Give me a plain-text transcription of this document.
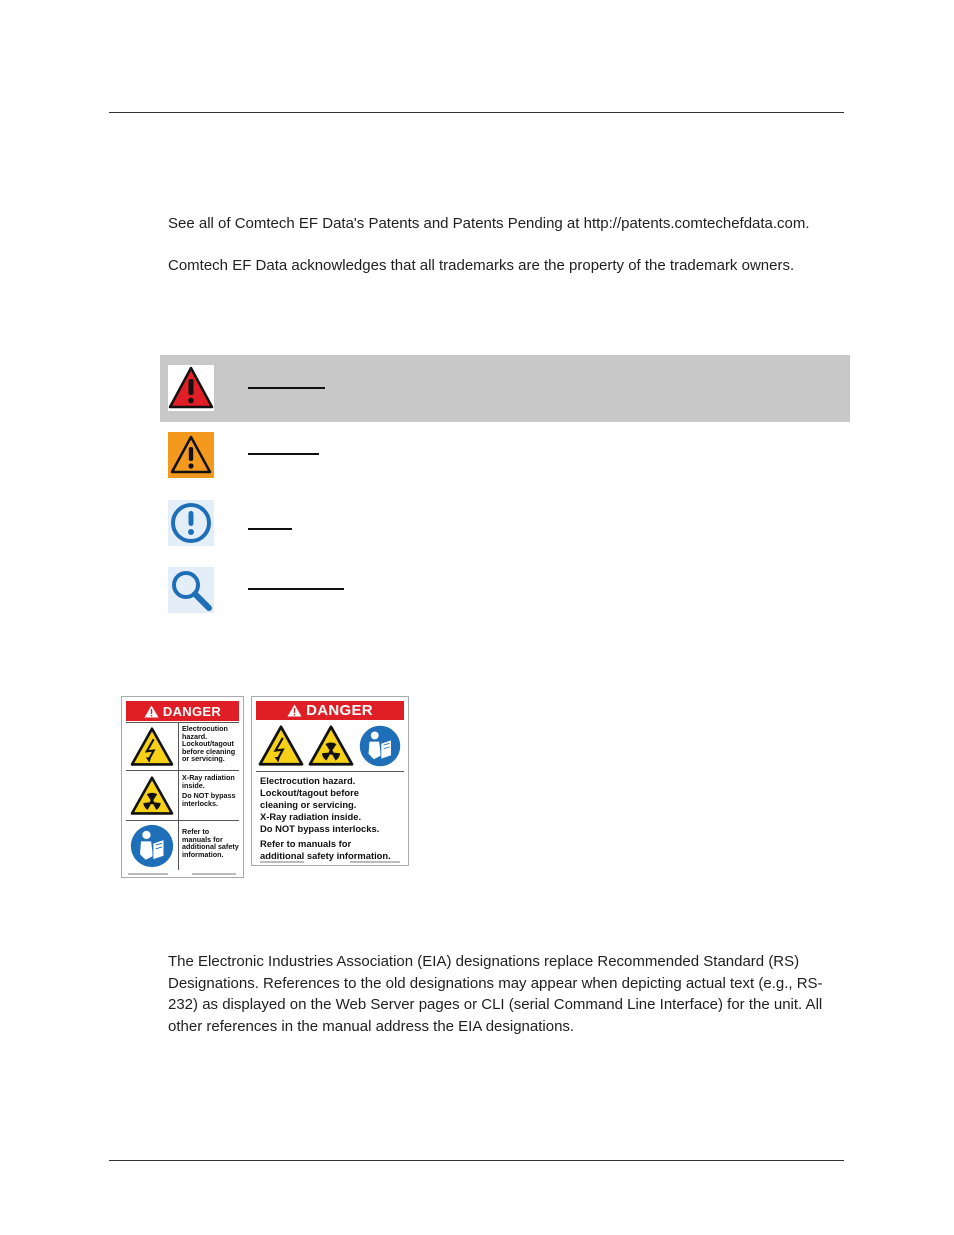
See all of Comtech EF Data's Patents and Patents Pending at http://patents.comtechefdata.com.

Comtech EF Data acknowledges that all trademarks are the property of the trademark owners.

DANGER
Electrocution
hazard.
Lockout/tagout
before cleaning
or servicing.
X-Ray radiation
inside.
Do NOT bypass
interlocks.
Refer to
manuals for
additional safety
information.
DANGER
Electrocution hazard.
Lockout/tagout before
cleaning or servicing.
X-Ray radiation inside.
Do NOT bypass interlocks.
Refer to manuals for
additional safety information.

The Electronic Industries Association (EIA) designations replace Recommended Standard (RS) Designations. References to the old designations may appear when depicting actual text (e.g., RS-232) as displayed on the Web Server pages or CLI (serial Command Line Interface) for the unit. All other references in the manual address the EIA designations.
